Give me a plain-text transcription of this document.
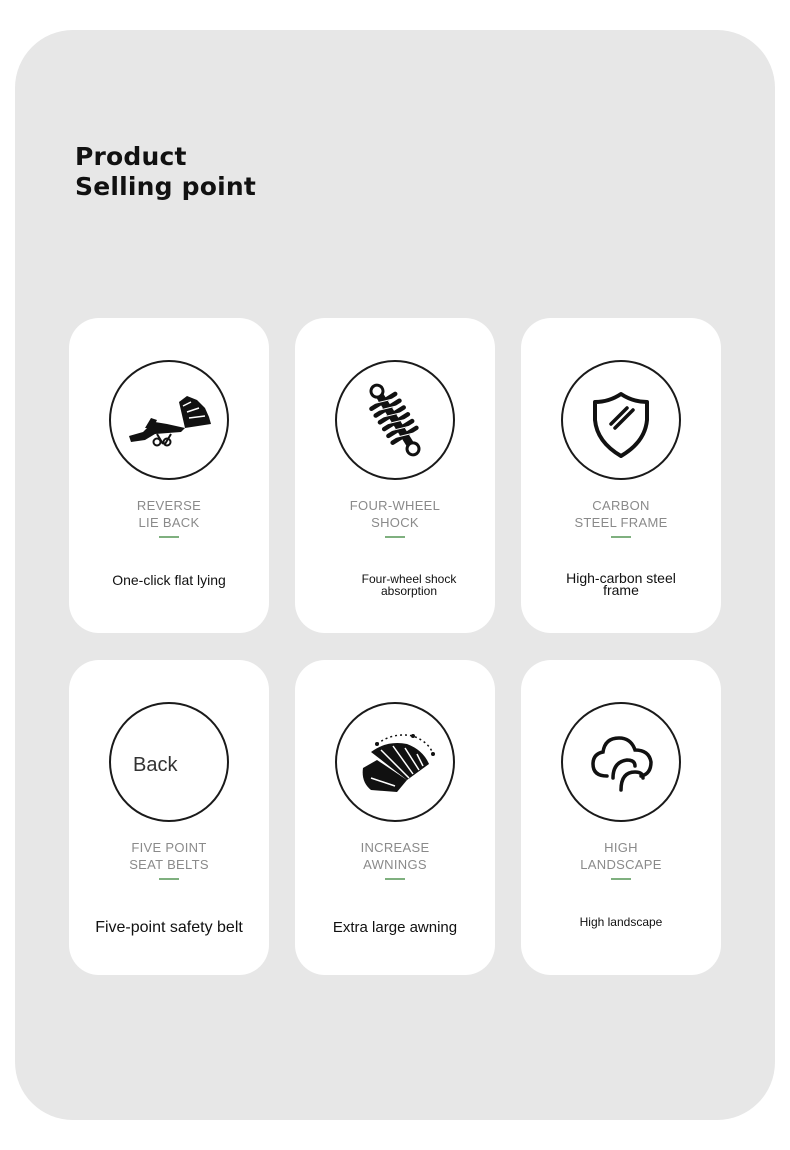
Product
Selling point
REVERSE
LIE BACK
One-click flat lying
FOUR-WHEEL
SHOCK
Four-wheel shock
absorption
CARBON
STEEL FRAME
High-carbon steel
frame
Back
FIVE POINT
SEAT BELTS
Five-point safety belt
INCREASE
AWNINGS
Extra large awning
HIGH
LANDSCAPE
High landscape
